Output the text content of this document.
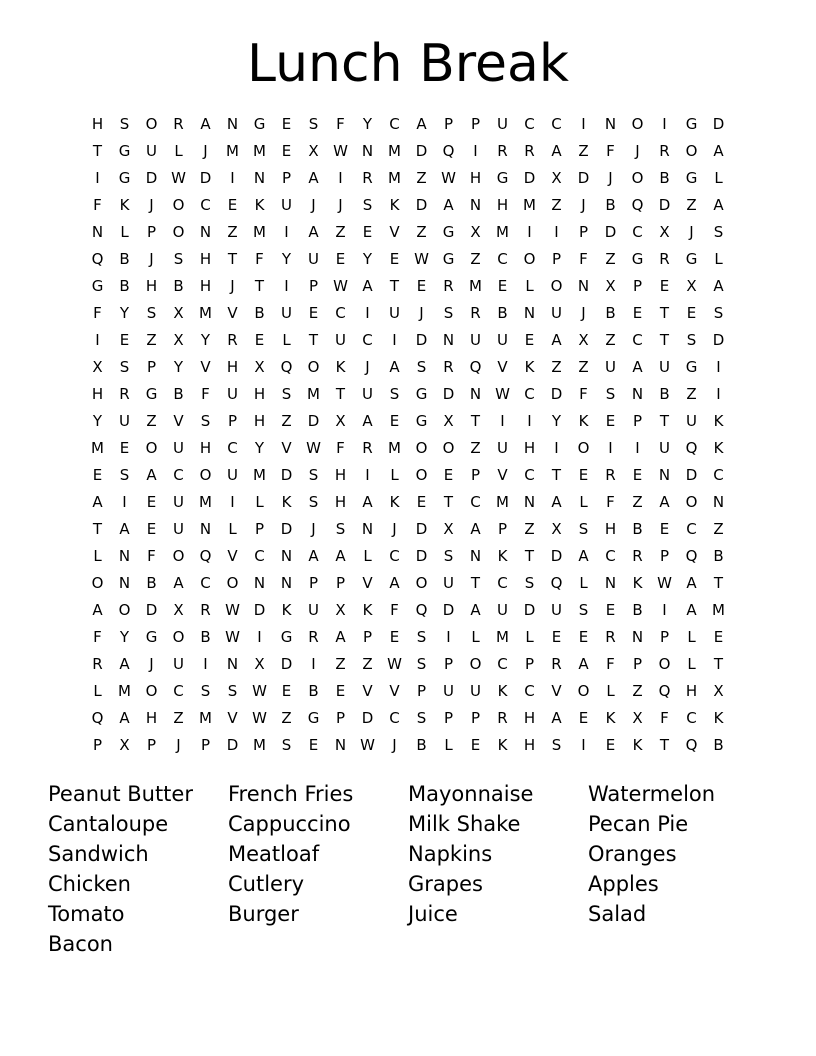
Lunch Break
H	S	O	R	A	N	G	E	S	F	Y	C	A	P	P	U	C	C	I	N	O	I	G	D
T	G	U	L	J	M M	E	X W N M D	Q	I	R	R	A	Z	F	J	R	O	A
I	G	D W D	I	N	P	A	I	R	M	Z W H	G	D	X	D	J	O	B	G	L
F	K	J	O	C	E	K	U	J	J	S	K	D	A	N	H M	Z	J	B	Q	D	Z	A
N	L	P	O	N	Z	M	I	A	Z	E	V	Z	G	X	M	I	I	P	D	C	X	J	S
Q	B	J	S	H	T	F	Y	U	E	Y	E W G	Z	C	O	P	F	Z	G	R	G	L
G	B	H	B	H	J	T	I	P	W A	T	E	R	M	E	L	O	N	X	P	E	X	A
F	Y	S	X	M	V	B	U	E	C	I	U	J	S	R	B	N	U	J	B	E	T	E	S
I	E	Z	X	Y	R	E	L	T	U	C	I	D	N	U	U	E	A	X	Z	C	T	S	D
X	S	P	Y	V	H	X	Q	O	K	J	A	S	R	Q	V	K	Z	Z	U	A	U	G	I
H	R	G	B	F	U	H	S	M	T	U	S	G	D	N W C	D	F	S	N	B	Z	I
Y	U	Z	V	S	P	H	Z	D	X	A	E	G	X	T	I	I	Y	K	E	P	T	U	K
M	E	O	U	H	C	Y	V W	F	R	M O	O	Z	U	H	I	O	I	I	U	Q	K
E	S	A	C	O	U	M D	S	H	I	L	O	E	P	V	C	T	E	R	E	N	D	C
A	I	E	U	M	I	L	K	S	H	A	K	E	T	C	M N	A	L	F	Z	A	O	N
T	A	E	U	N	L	P	D	J	S	N	J	D	X	A	P	Z	X	S	H	B	E	C	Z
L	N	F	O	Q	V	C	N	A	A	L	C	D	S	N	K	T	D	A	C	R	P	Q	B
O	N	B	A	C	O	N	N	P	P	V	A	O	U	T	C	S	Q	L	N	K W A	T
A	O	D	X	R W D	K	U	X	K	F	Q	D	A	U	D	U	S	E	B	I	A	M
F	Y	G	O	B W	I	G	R	A	P	E	S	I	L	M	L	E	E	R	N	P	L	E
R	A	J	U	I	N	X	D	I	Z	Z W S	P	O	C	P	R	A	F	P	O	L	T
L	M O	C	S	S W E	B	E	V	V	P	U	U	K	C	V	O	L	Z	Q	H	X
Q	A	H	Z	M	V W Z	G	P	D	C	S	P	P	R	H	A	E	K	X	F	C	K
P	X	P	J	P	D M	S	E	N W	J	B	L	E	K	H	S	I	E	K	T	Q	B
Peanut Butter	French Fries	Mayonnaise	Watermelon
Cantaloupe	Cappuccino	Milk Shake	Pecan Pie
Sandwich	Meatloaf	Napkins	Oranges
Chicken	Cutlery	Grapes	Apples
Tomato	Burger	Juice	Salad
Bacon
